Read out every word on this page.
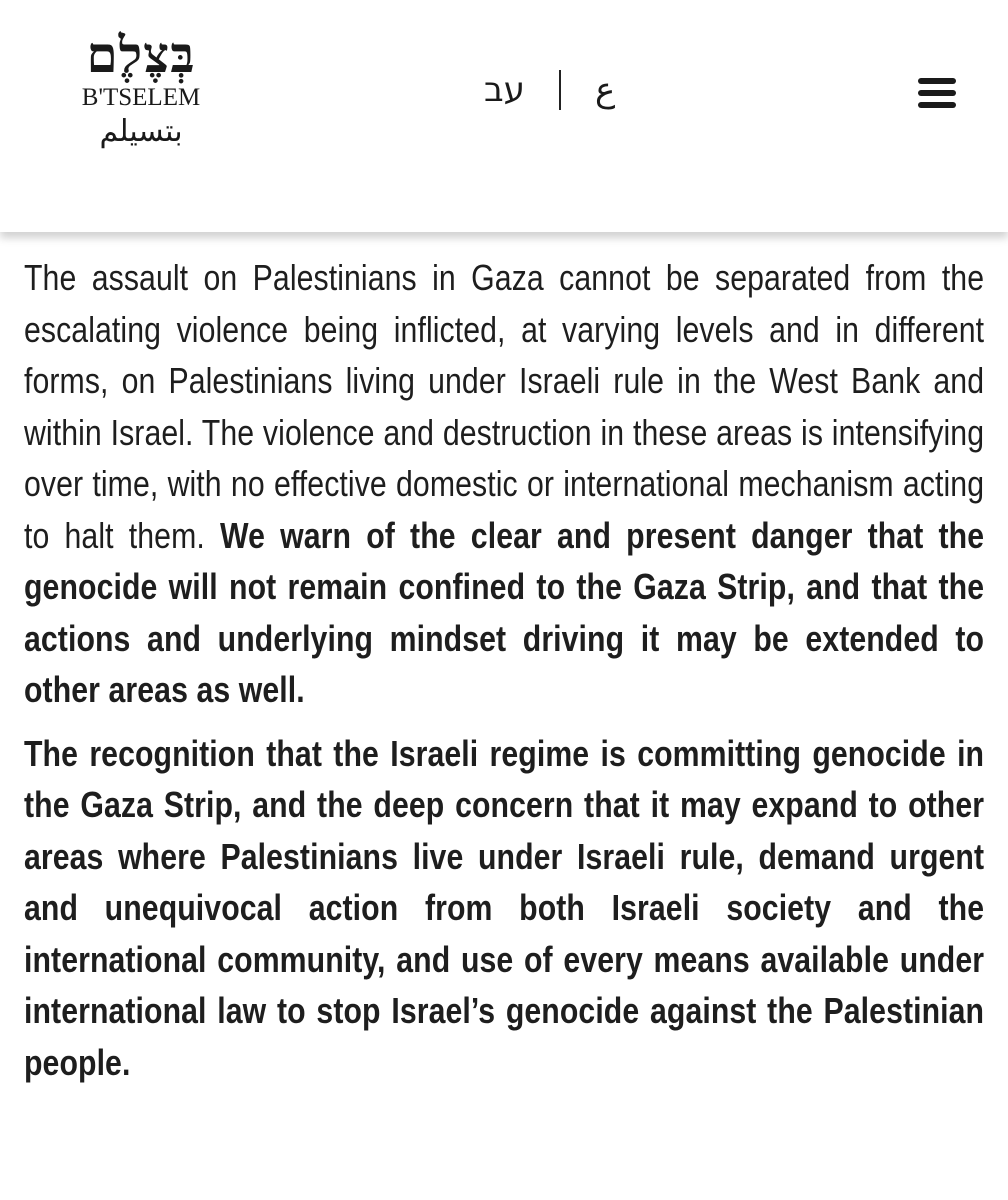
בְּצֶלֶם
B'TSELEM
بتسيلم
עב ع

The assault on Palestinians in Gaza cannot be separated from the escalating violence being inflicted, at varying levels and in different forms, on Palestinians living under Israeli rule in the West Bank and within Israel. The violence and destruction in these areas is intensifying over time, with no effective domestic or international mechanism acting to halt them. We warn of the clear and present danger that the genocide will not remain confined to the Gaza Strip, and that the actions and underlying mindset driving it may be extended to other areas as well.

The recognition that the Israeli regime is committing genocide in the Gaza Strip, and the deep concern that it may expand to other areas where Palestinians live under Israeli rule, demand urgent and unequivocal action from both Israeli society and the international community, and use of every means available under international law to stop Israel’s genocide against the Palestinian people.
